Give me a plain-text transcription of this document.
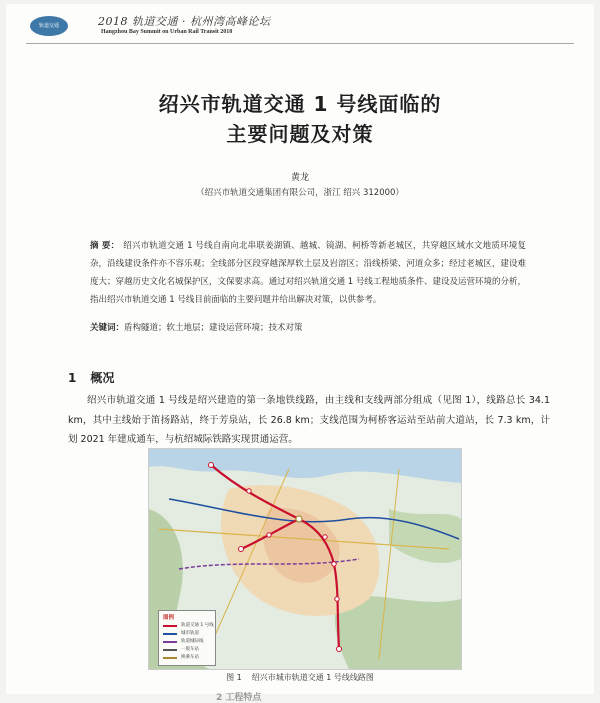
轨道交通	2018 轨道交通 · 杭州湾高峰论坛
Hangzhou Bay Summit on Urban Rail Transit 2018
绍兴市轨道交通 1 号线面临的
主要问题及对策
黄龙
（绍兴市轨道交通集团有限公司，浙江 绍兴 312000）
摘 要： 绍兴市轨道交通 1 号线自南向北串联姜湖镇、越城、镜湖、柯桥等新老城区，共穿越区域水文地质环境复杂，沿线建设条件亦不容乐观；全线部分区段穿越深厚软土层及岩溶区；沿线桥梁、河道众多；经过老城区，建设难度大；穿越历史文化名城保护区，文保要求高。通过对绍兴轨道交通 1 号线工程地质条件、建设及运营环境的分析，指出绍兴市轨道交通 1 号线目前面临的主要问题并给出解决对策，以供参考。
关键词：盾构隧道；软土地层；建设运营环境；技术对策
1 概况
绍兴市轨道交通 1 号线是绍兴建造的第一条地铁线路，由主线和支线两部分组成（见图 1），线路总长 34.1 km，其中主线始于笛扬路站，终于芳泉站，长 26.8 km；支线范围为柯桥客运站至站前大道站，长 7.3 km，计划 2021 年建成通车，与杭绍城际铁路实现贯通运营。
图例
轨道交通 1 号线
城市轨道
轨道城际线
一般车站
换乘车站
图 1 绍兴市城市轨道交通 1 号线线路图
2 工程特点
